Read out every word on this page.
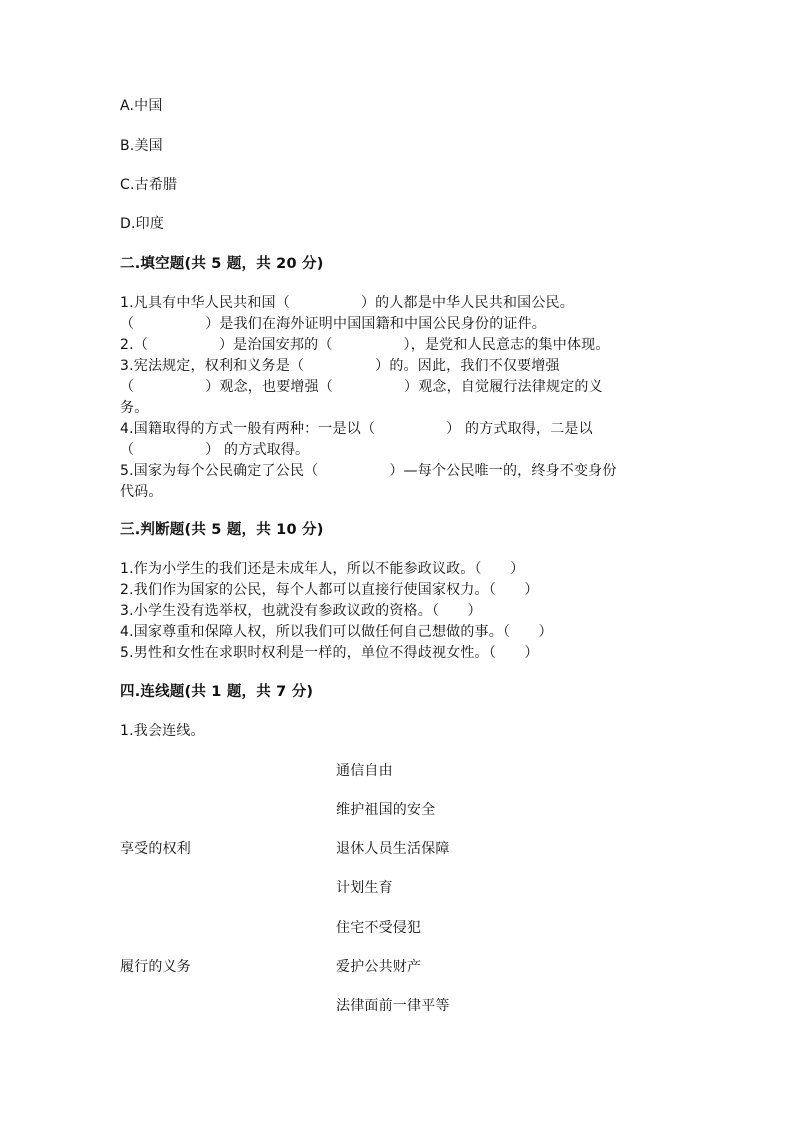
A.中国
B.美国
C.古希腊
D.印度
二.填空题(共 5 题，共 20 分)
1.凡具有中华人民共和国（　　　　　）的人都是中华人民共和国公民。
（　　　　　）是我们在海外证明中国国籍和中国公民身份的证件。
2.（　　　　　）是治国安邦的（　　　　　），是党和人民意志的集中体现。
3.宪法规定，权利和义务是（　　　　　）的。因此，我们不仅要增强
（　　　　　）观念，也要增强（　　　　　）观念，自觉履行法律规定的义
务。
4.国籍取得的方式一般有两种：一是以（　　　　　） 的方式取得，二是以
（　　　　　） 的方式取得。
5.国家为每个公民确定了公民（　　　　　）—每个公民唯一的，终身不变身份
代码。
三.判断题(共 5 题，共 10 分)
1.作为小学生的我们还是未成年人，所以不能参政议政。（　　）
2.我们作为国家的公民，每个人都可以直接行使国家权力。（　　）
3.小学生没有选举权，也就没有参政议政的资格。（　　）
4.国家尊重和保障人权，所以我们可以做任何自己想做的事。（　　）
5.男性和女性在求职时权利是一样的，单位不得歧视女性。（　　）
四.连线题(共 1 题，共 7 分)
1.我会连线。
通信自由
维护祖国的安全
享受的权利	退休人员生活保障
计划生育
住宅不受侵犯
履行的义务	爱护公共财产
法律面前一律平等
